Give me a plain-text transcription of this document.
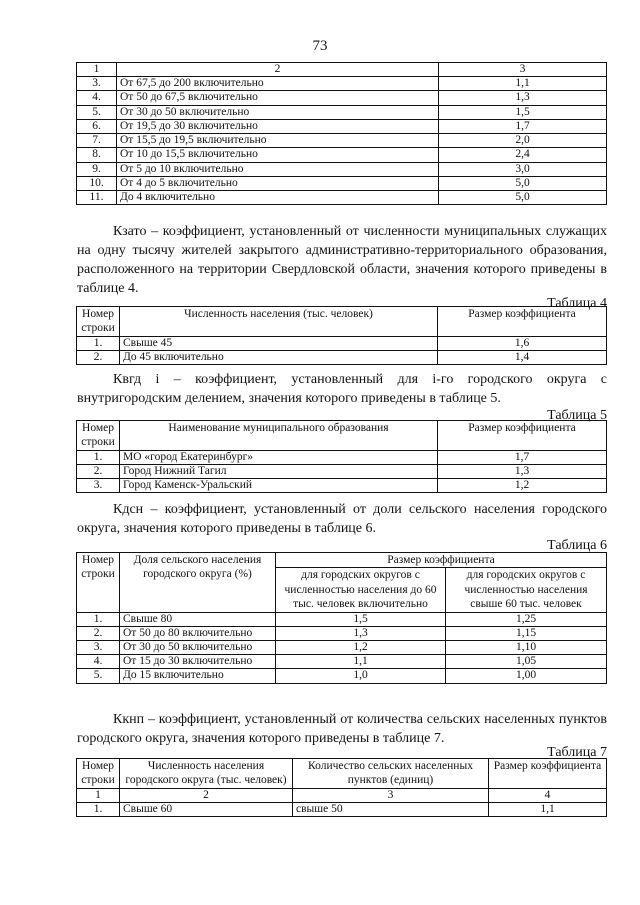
73
1	2	3
3.	От 67,5 до 200 включительно	1,1
4.	От 50 до 67,5 включительно	1,3
5.	От 30 до 50 включительно	1,5
6.	От 19,5 до 30 включительно	1,7
7.	От 15,5 до 19,5 включительно	2,0
8.	От 10 до 15,5 включительно	2,4
9.	От 5 до 10 включительно	3,0
10.	От 4 до 5 включительно	5,0
11.	До 4 включительно	5,0
Кзато – коэффициент, установленный от численности муниципальных служащих на одну тысячу жителей закрытого административно-территориального образования, расположенного на территории Свердловской области, значения которого приведены в таблице 4.
Таблица 4
Номер строки	Численность населения (тыс. человек)	Размер коэффициента
1.	Свыше 45	1,6
2.	До 45 включительно	1,4
Квгд i – коэффициент, установленный для i-го городского округа с внутригородским делением, значения которого приведены в таблице 5.
Таблица 5
Номер строки	Наименование муниципального образования	Размер коэффициента
1.	МО «город Екатеринбург»	1,7
2.	Город Нижний Тагил	1,3
3.	Город Каменск-Уральский	1,2
Кдсн – коэффициент, установленный от доли сельского населения городского округа, значения которого приведены в таблице 6.
Таблица 6
Номер строки	Доля сельского населения городского округа (%)	Размер коэффициента	
		для городских округов с численностью населения до 60 тыс. человек включительно	для городских округов с численностью населения свыше 60 тыс. человек
1.	Свыше 80	1,5	1,25
2.	От 50 до 80 включительно	1,3	1,15
3.	От 30 до 50 включительно	1,2	1,10
4.	От 15 до 30 включительно	1,1	1,05
5.	До 15 включительно	1,0	1,00
Ккнп – коэффициент, установленный от количества сельских населенных пунктов городского округа, значения которого приведены в таблице 7.
Таблица 7
Номер строки	Численность населения городского округа (тыс. человек)	Количество сельских населенных пунктов (единиц)	Размер коэффициента
1	2	3	4
1.	Свыше 60	свыше 50	1,1
